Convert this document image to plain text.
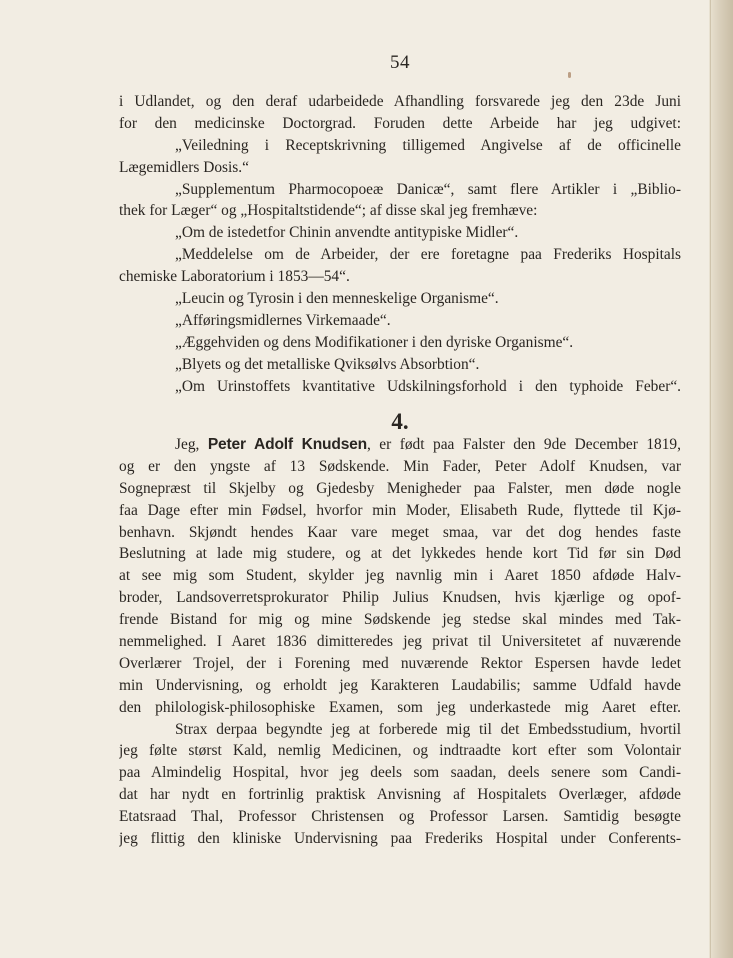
54
i Udlandet, og den deraf udarbeidede Afhandling forsvarede jeg den 23de Juni
for den medicinske Doctorgrad. Foruden dette Arbeide har jeg udgivet:
„Veiledning i Receptskrivning tilligemed Angivelse af de officinelle
Lægemidlers Dosis.“
„Supplementum Pharmocopoeæ Danicæ“, samt flere Artikler i „Biblio-
thek for Læger“ og „Hospitaltstidende“; af disse skal jeg fremhæve:
„Om de istedetfor Chinin anvendte antitypiske Midler“.
„Meddelelse om de Arbeider, der ere foretagne paa Frederiks Hospitals
chemiske Laboratorium i 1853—54“.
„Leucin og Tyrosin i den menneskelige Organisme“.
„Afføringsmidlernes Virkemaade“.
„Æggehviden og dens Modifikationer i den dyriske Organisme“.
„Blyets og det metalliske Qviksølvs Absorbtion“.
„Om Urinstoffets kvantitative Udskilningsforhold i den typhoide Feber“.
4.
Jeg, Peter Adolf Knudsen, er født paa Falster den 9de December 1819,
og er den yngste af 13 Sødskende. Min Fader, Peter Adolf Knudsen, var
Sognepræst til Skjelby og Gjedesby Menigheder paa Falster, men døde nogle
faa Dage efter min Fødsel, hvorfor min Moder, Elisabeth Rude, flyttede til Kjø-
benhavn. Skjøndt hendes Kaar vare meget smaa, var det dog hendes faste
Beslutning at lade mig studere, og at det lykkedes hende kort Tid før sin Død
at see mig som Student, skylder jeg navnlig min i Aaret 1850 afdøde Halv-
broder, Landsoverretsprokurator Philip Julius Knudsen, hvis kjærlige og opof-
frende Bistand for mig og mine Sødskende jeg stedse skal mindes med Tak-
nemmelighed. I Aaret 1836 dimitteredes jeg privat til Universitetet af nuværende
Overlærer Trojel, der i Forening med nuværende Rektor Espersen havde ledet
min Undervisning, og erholdt jeg Karakteren Laudabilis; samme Udfald havde
den philologisk-philosophiske Examen, som jeg underkastede mig Aaret efter.
Strax derpaa begyndte jeg at forberede mig til det Embedsstudium, hvortil
jeg følte størst Kald, nemlig Medicinen, og indtraadte kort efter som Volontair
paa Almindelig Hospital, hvor jeg deels som saadan, deels senere som Candi-
dat har nydt en fortrinlig praktisk Anvisning af Hospitalets Overlæger, afdøde
Etatsraad Thal, Professor Christensen og Professor Larsen. Samtidig besøgte
jeg flittig den kliniske Undervisning paa Frederiks Hospital under Conferents-
